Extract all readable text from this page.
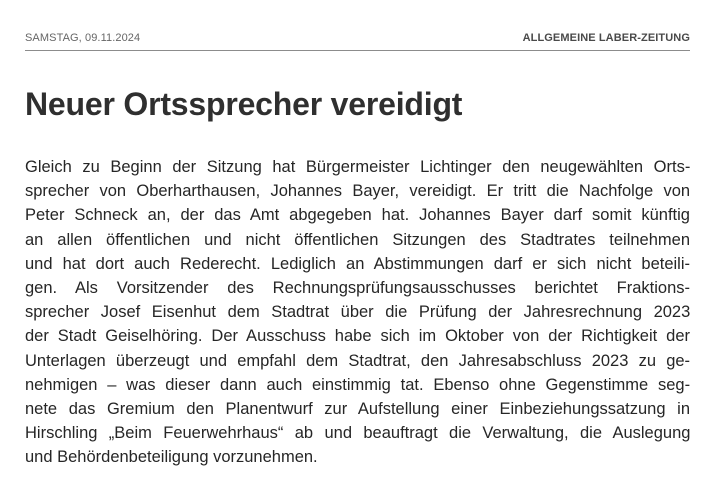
SAMSTAG, 09.11.2024	ALLGEMEINE LABER-ZEITUNG
Neuer Ortssprecher vereidigt
Gleich zu Beginn der Sitzung hat Bürgermeister Lichtinger den neugewählten Orts-
sprecher von Oberharthausen, Johannes Bayer, vereidigt. Er tritt die Nachfolge von
Peter Schneck an, der das Amt abgegeben hat. Johannes Bayer darf somit künftig
an allen öffentlichen und nicht öffentlichen Sitzungen des Stadtrates teilnehmen
und hat dort auch Rederecht. Lediglich an Abstimmungen darf er sich nicht beteili-
gen. Als Vorsitzender des Rechnungsprüfungsausschusses berichtet Fraktions-
sprecher Josef Eisenhut dem Stadtrat über die Prüfung der Jahresrechnung 2023
der Stadt Geiselhöring. Der Ausschuss habe sich im Oktober von der Richtigkeit der
Unterlagen überzeugt und empfahl dem Stadtrat, den Jahresabschluss 2023 zu ge-
nehmigen – was dieser dann auch einstimmig tat. Ebenso ohne Gegenstimme seg-
nete das Gremium den Planentwurf zur Aufstellung einer Einbeziehungssatzung in
Hirschling „Beim Feuerwehrhaus“ ab und beauftragt die Verwaltung, die Auslegung
und Behördenbeteiligung vorzunehmen.
